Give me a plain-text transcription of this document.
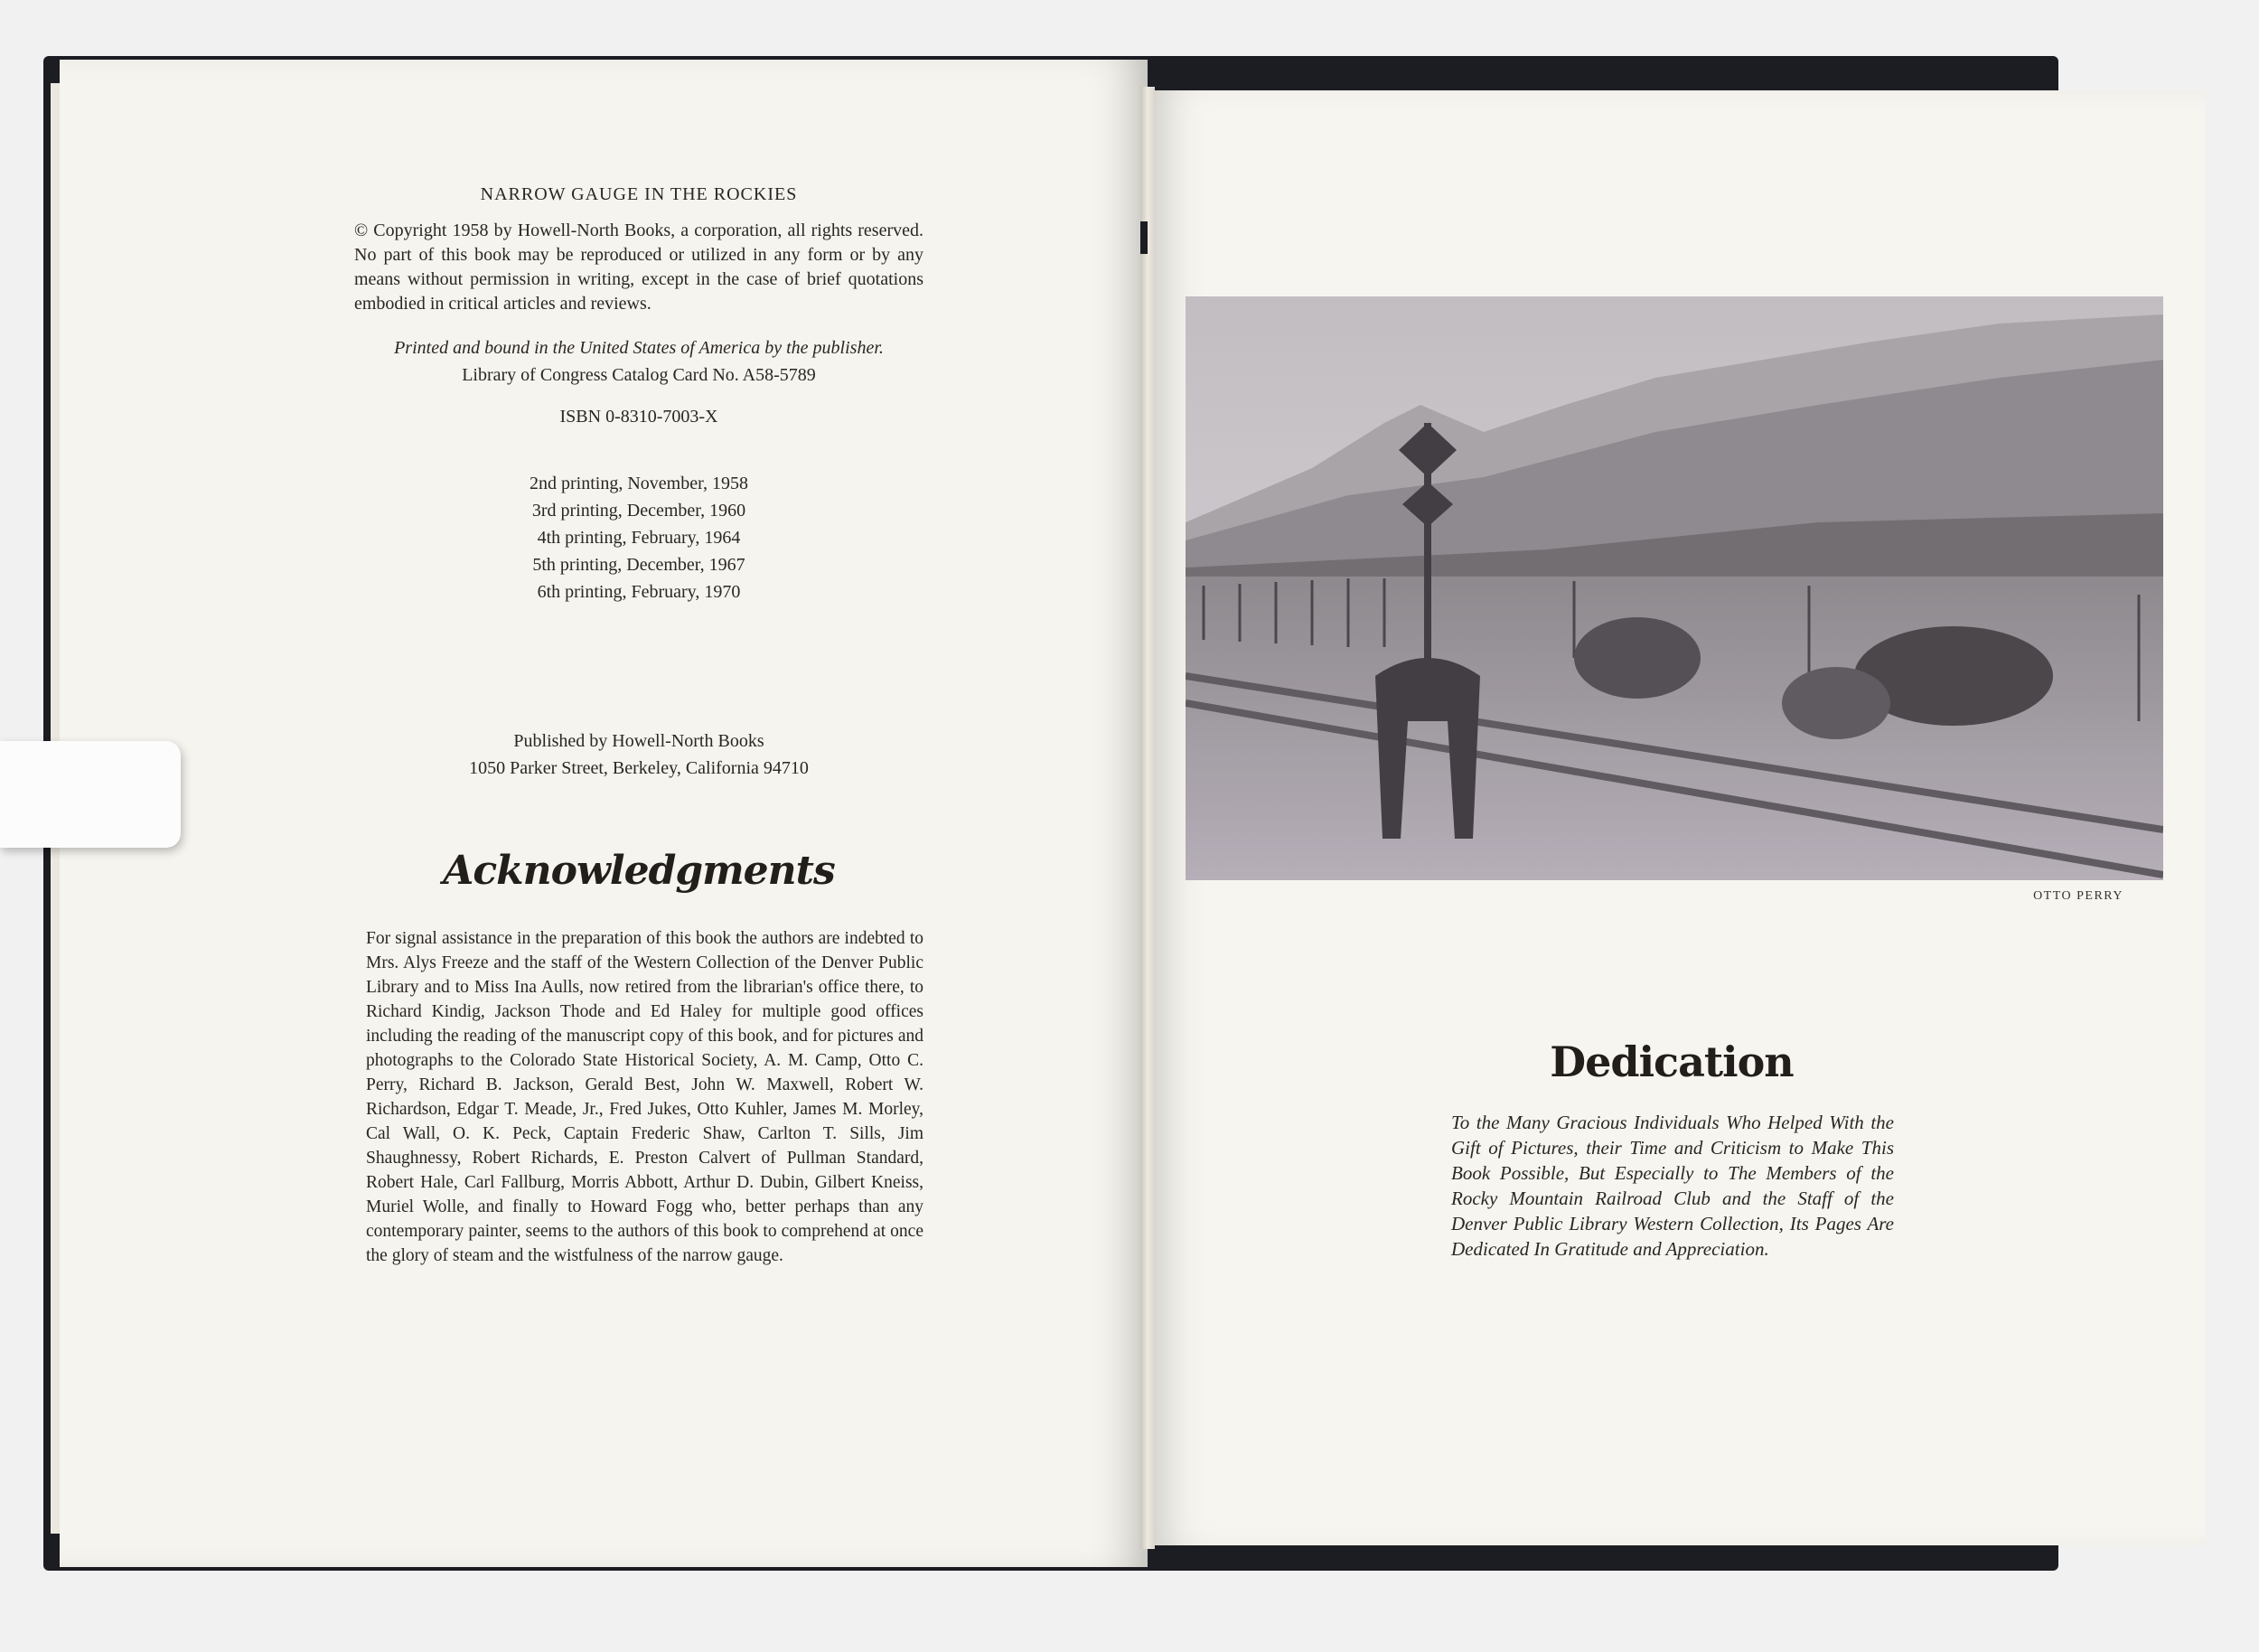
NARROW GAUGE IN THE ROCKIES

© Copyright 1958 by Howell-North Books, a corporation, all rights reserved. No part of this book may be reproduced or utilized in any form or by any means without permission in writing, except in the case of brief quotations embodied in critical articles and reviews.

Printed and bound in the United States of America by the publisher.

Library of Congress Catalog Card No. A58-5789

ISBN 0-8310-7003-X

2nd printing, November, 1958
3rd printing, December, 1960
4th printing, February, 1964
5th printing, December, 1967
6th printing, February, 1970
Published by Howell-North Books
1050 Parker Street, Berkeley, California 94710
Acknowledgments
For signal assistance in the preparation of this book the authors are indebted to Mrs. Alys Freeze and the staff of the Western Collection of the Denver Public Library and to Miss Ina Aulls, now retired from the librarian's office there, to Richard Kindig, Jackson Thode and Ed Haley for multiple good offices including the reading of the manuscript copy of this book, and for pictures and photographs to the Colorado State Historical Society, A. M. Camp, Otto C. Perry, Richard B. Jackson, Gerald Best, John W. Maxwell, Robert W. Richardson, Edgar T. Meade, Jr., Fred Jukes, Otto Kuhler, James M. Morley, Cal Wall, O. K. Peck, Captain Frederic Shaw, Carlton T. Sills, Jim Shaughnessy, Robert Richards, E. Preston Calvert of Pullman Standard, Robert Hale, Carl Fallburg, Morris Abbott, Arthur D. Dubin, Gilbert Kneiss, Muriel Wolle, and finally to Howard Fogg who, better perhaps than any contemporary painter, seems to the authors of this book to comprehend at once the glory of steam and the wistfulness of the narrow gauge.
OTTO PERRY
Dedication
To the Many Gracious Individuals Who Helped With the Gift of Pictures, their Time and Criticism to Make This Book Possible, But Especially to The Members of the Rocky Mountain Railroad Club and the Staff of the Denver Public Library Western Collection, Its Pages Are Dedicated In Gratitude and Appreciation.
